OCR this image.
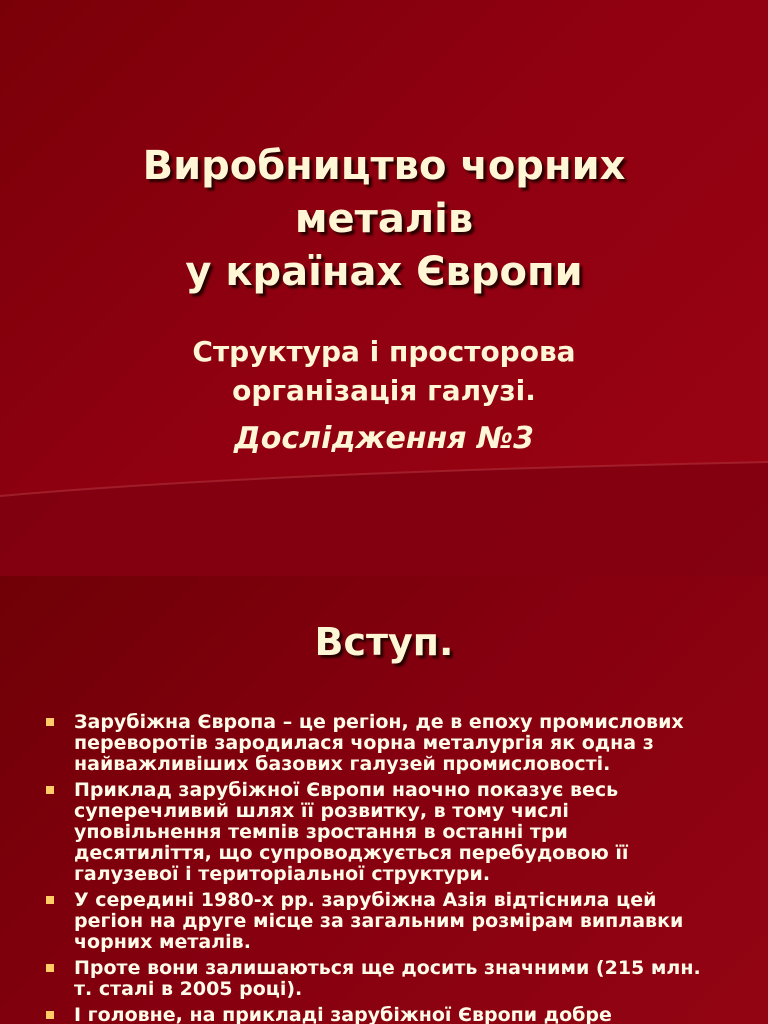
Виробництво чорних
металів
у країнах Європи
Структура і просторова
організація галузі.
Дослідження №3
Вступ.
Зарубіжна Європа – це регіон, де в епоху промислових
переворотів зародилася чорна металургія як одна з
найважливіших базових галузей промисловості.
Приклад зарубіжної Європи наочно показує весь
суперечливий шлях її розвитку, в тому числі
уповільнення темпів зростання в останні три
десятиліття, що супроводжується перебудовою її
галузевої і територіальної структури.
У середині 1980-х рр. зарубіжна Азія відтіснила цей
регіон на друге місце за загальним розмірам виплавки
чорних металів.
Проте вони залишаються ще досить значними (215 млн.
т. сталі в 2005 році).
І головне, на прикладі зарубіжної Європи добре
